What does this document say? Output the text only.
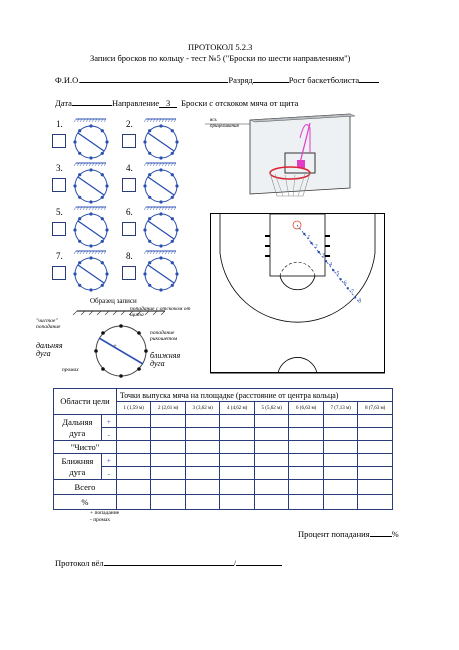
ПРОТОКОЛ 5.2.3
Записи бросков по кольцу - тест №5 ("Броски по шести направлениям")
Ф.И.О.	Разряд	Рост баскетболиста
Дата	Направление 3 Броски с отскоком мяча от щита
1.	2.
3.	4.
5.	6.
7.	8.
Образец записи
+
попадание с отскоком от щита
"чистое" попадание
попадание рикошетом
дальняя дуга	ближняя дуга
промах
ясь прицеливания
1
2
3
4
5
6
7
8
Области цели		Точки выпуска мяча на площадке (расстояние от центра кольца)							
		1 (1,59 м)	2 (2,61 м)	3 (3,62 м)	4 (4,62 м)	5 (5,62 м)	6 (6,63 м)	7 (7,13 м)	8 (7,63 м)
Дальняя дуга	+								
	-								
"Чисто"									
Ближняя дуга	+								
	-								
Всего									
%									
+ попадание
- промах
Процент попадания	%
Протокол вёл	/
